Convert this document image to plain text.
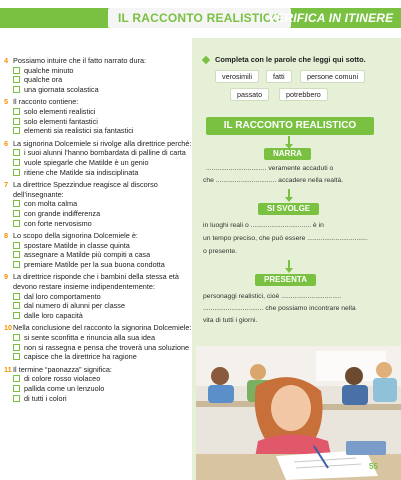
IL RACCONTO REALISTICO
VERIFICA IN ITINERE
4 Possiamo intuire che il fatto narrato dura:
qualche minuto
qualche ora
una giornata scolastica
5 Il racconto contiene:
solo elementi realistici
solo elementi fantastici
elementi sia realistici sia fantastici
6 La signorina Dolcemiele si rivolge alla direttrice perché:
i suoi alunni l’hanno bombardata di palline di carta
vuole spiegarle che Matilde è un genio
ritiene che Matilde sia indisciplinata
7 La direttrice Spezzindue reagisce al discorso dell’insegnante:
con molta calma
con grande indifferenza
con forte nervosismo
8 Lo scopo della signorina Dolcemiele è:
spostare Matilde in classe quinta
assegnare a Matilde più compiti a casa
premiare Matilde per la sua buona condotta
9 La direttrice risponde che i bambini della stessa età devono restare insieme indipendentemente:
dal loro comportamento
dal numero di alunni per classe
dalle loro capacità
10 Nella conclusione del racconto la signorina Dolcemiele:
si sente sconfitta e rinuncia alla sua idea
non si rassegna e pensa che troverà una soluzione
capisce che la direttrice ha ragione
11 Il termine “paonazza” significa:
di colore rosso violaceo
pallida come un lenzuolo
di tutti i colori
Completa con le parole che leggi qui sotto.
verosimili	fatti	persone comuni
passato	potrebbero
IL RACCONTO REALISTICO
NARRA
................................ veramente accaduti o
che ................................ accadere nella realtà.
SI SVOLGE
in luoghi reali o ................................ è in
un tempo preciso, che può essere ................................
o presente.
PRESENTA
personaggi realistici, cioè ................................
................................ che possiamo incontrare nella
vita di tutti i giorni.
55
